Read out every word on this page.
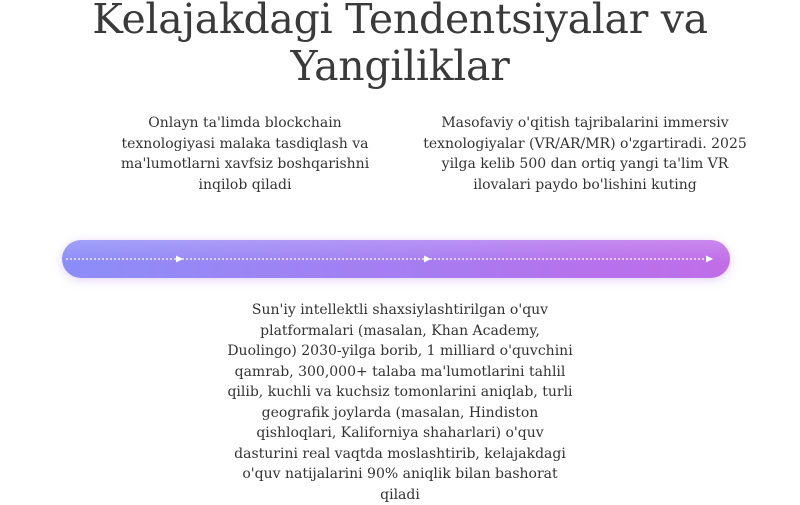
Kelajakdagi Tendentsiyalar va
Yangiliklar
Onlayn ta'limda blockchain texnologiyasi malaka tasdiqlash va ma'lumotlarni xavfsiz boshqarishni inqilob qiladi
Masofaviy o'qitish tajribalarini immersiv texnologiyalar (VR/AR/MR) o'zgartiradi. 2025 yilga kelib 500 dan ortiq yangi ta'lim VR ilovalari paydo bo'lishini kuting
Sun'iy intellektli shaxsiylashtirilgan o'quv platformalari (masalan, Khan Academy, Duolingo) 2030-yilga borib, 1 milliard o'quvchini qamrab, 300,000+ talaba ma'lumotlarini tahlil qilib, kuchli va kuchsiz tomonlarini aniqlab, turli geografik joylarda (masalan, Hindiston qishloqlari, Kaliforniya shaharlari) o'quv dasturini real vaqtda moslashtirib, kelajakdagi o'quv natijalarini 90% aniqlik bilan bashorat qiladi
